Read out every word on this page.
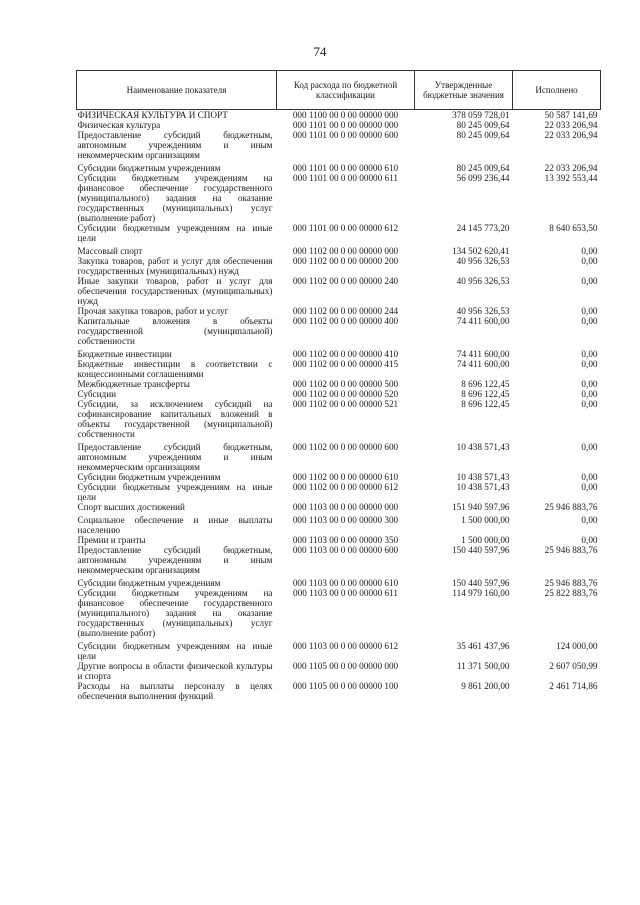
74
Наименование показателя	Код расхода по бюджетной классификации	Утвержденные бюджетные значения	Исполнено
ФИЗИЧЕСКАЯ КУЛЬТУРА И СПОРТ	000 1100 00 0 00 00000 000	378 059 728,01	50 587 141,69
Физическая культура	000 1101 00 0 00 00000 000	80 245 009,64	22 033 206,94
Предоставление субсидий бюджетным, автономным учреждениям и иным некоммерческим организациям	000 1101 00 0 00 00000 600	80 245 009,64	22 033 206,94
Субсидии бюджетным учреждениям	000 1101 00 0 00 00000 610	80 245 009,64	22 033 206,94
Субсидии бюджетным учреждениям на финансовое обеспечение государственного (муниципального) задания на оказание государственных (муниципальных) услуг (выполнение работ)	000 1101 00 0 00 00000 611	56 099 236,44	13 392 553,44
Субсидии бюджетным учреждениям на иные цели	000 1101 00 0 00 00000 612	24 145 773,20	8 640 653,50
Массовый спорт	000 1102 00 0 00 00000 000	134 502 620,41	0,00
Закупка товаров, работ и услуг для обеспечения государственных (муниципальных) нужд	000 1102 00 0 00 00000 200	40 956 326,53	0,00
Иные закупки товаров, работ и услуг для обеспечения государственных (муниципальных) нужд	000 1102 00 0 00 00000 240	40 956 326,53	0,00
Прочая закупка товаров, работ и услуг	000 1102 00 0 00 00000 244	40 956 326,53	0,00
Капитальные вложения в объекты государственной (муниципальной) собственности	000 1102 00 0 00 00000 400	74 411 600,00	0,00
Бюджетные инвестиции	000 1102 00 0 00 00000 410	74 411 600,00	0,00
Бюджетные инвестиции в соответствии с концессионными соглашениями	000 1102 00 0 00 00000 415	74 411 600,00	0,00
Межбюджетные трансферты	000 1102 00 0 00 00000 500	8 696 122,45	0,00
Субсидии	000 1102 00 0 00 00000 520	8 696 122,45	0,00
Субсидии, за исключением субсидий на софинансирование капитальных вложений в объекты государственной (муниципальной) собственности	000 1102 00 0 00 00000 521	8 696 122,45	0,00
Предоставление субсидий бюджетным, автономным учреждениям и иным некоммерческим организациям	000 1102 00 0 00 00000 600	10 438 571,43	0,00
Субсидии бюджетным учреждениям	000 1102 00 0 00 00000 610	10 438 571,43	0,00
Субсидии бюджетным учреждениям на иные цели	000 1102 00 0 00 00000 612	10 438 571,43	0,00
Спорт высших достижений	000 1103 00 0 00 00000 000	151 940 597,96	25 946 883,76
Социальное обеспечение и иные выплаты населению	000 1103 00 0 00 00000 300	1 500 000,00	0,00
Премии и гранты	000 1103 00 0 00 00000 350	1 500 000,00	0,00
Предоставление субсидий бюджетным, автономным учреждениям и иным некоммерческим организациям	000 1103 00 0 00 00000 600	150 440 597,96	25 946 883,76
Субсидии бюджетным учреждениям	000 1103 00 0 00 00000 610	150 440 597,96	25 946 883,76
Субсидии бюджетным учреждениям на финансовое обеспечение государственного (муниципального) задания на оказание государственных (муниципальных) услуг (выполнение работ)	000 1103 00 0 00 00000 611	114 979 160,00	25 822 883,76
Субсидии бюджетным учреждениям на иные цели	000 1103 00 0 00 00000 612	35 461 437,96	124 000,00
Другие вопросы в области физической культуры и спорта	000 1105 00 0 00 00000 000	11 371 500,00	2 607 050,99
Расходы на выплаты персоналу в целях обеспечения выполнения функций	000 1105 00 0 00 00000 100	9 861 200,00	2 461 714,86
